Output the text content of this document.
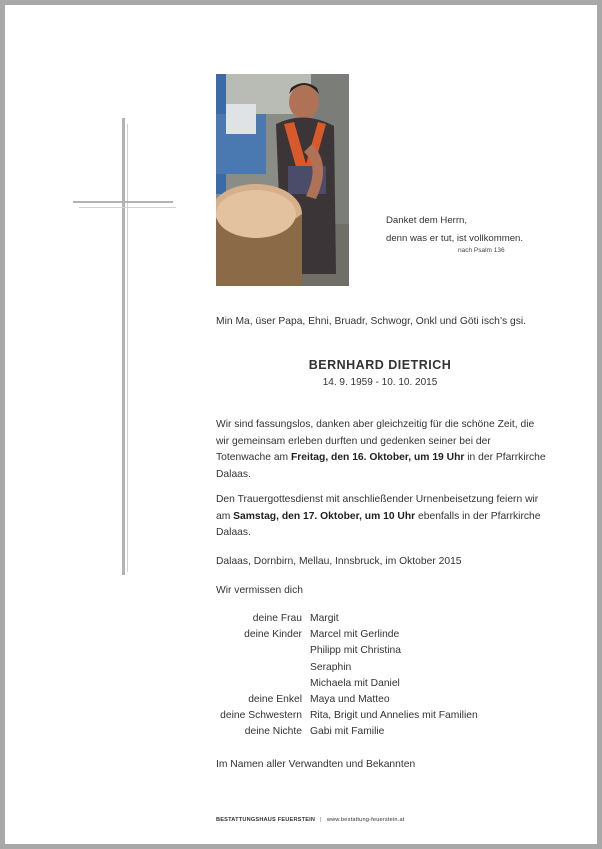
Danket dem Herrn,
denn was er tut, ist vollkommen.
nach Psalm 136
Min Ma, üser Papa, Ehni, Bruadr, Schwogr, Onkl und Göti isch’s gsi.
BERNHARD DIETRICH
14. 9. 1959 - 10. 10. 2015
Wir sind fassungslos, danken aber gleichzeitig für die schöne Zeit, die wir gemeinsam erleben durften und gedenken seiner bei der Totenwache am Freitag, den 16. Oktober, um 19 Uhr in der Pfarrkirche Dalaas.
Den Trauergottesdienst mit anschließender Urnenbeisetzung feiern wir am Samstag, den 17. Oktober, um 10 Uhr ebenfalls in der Pfarrkirche Dalaas.
Dalaas, Dornbirn, Mellau, Innsbruck, im Oktober 2015
Wir vermissen dich
deine Frau	Margit
deine Kinder	Marcel mit Gerlinde
	Philipp mit Christina
	Seraphin
	Michaela mit Daniel
deine Enkel	Maya und Matteo
deine Schwestern	Rita, Brigit und Annelies mit Familien
deine Nichte	Gabi mit Familie
Im Namen aller Verwandten und Bekannten
BESTATTUNGSHAUS FEUERSTEIN | www.bestattung-feuerstein.at
